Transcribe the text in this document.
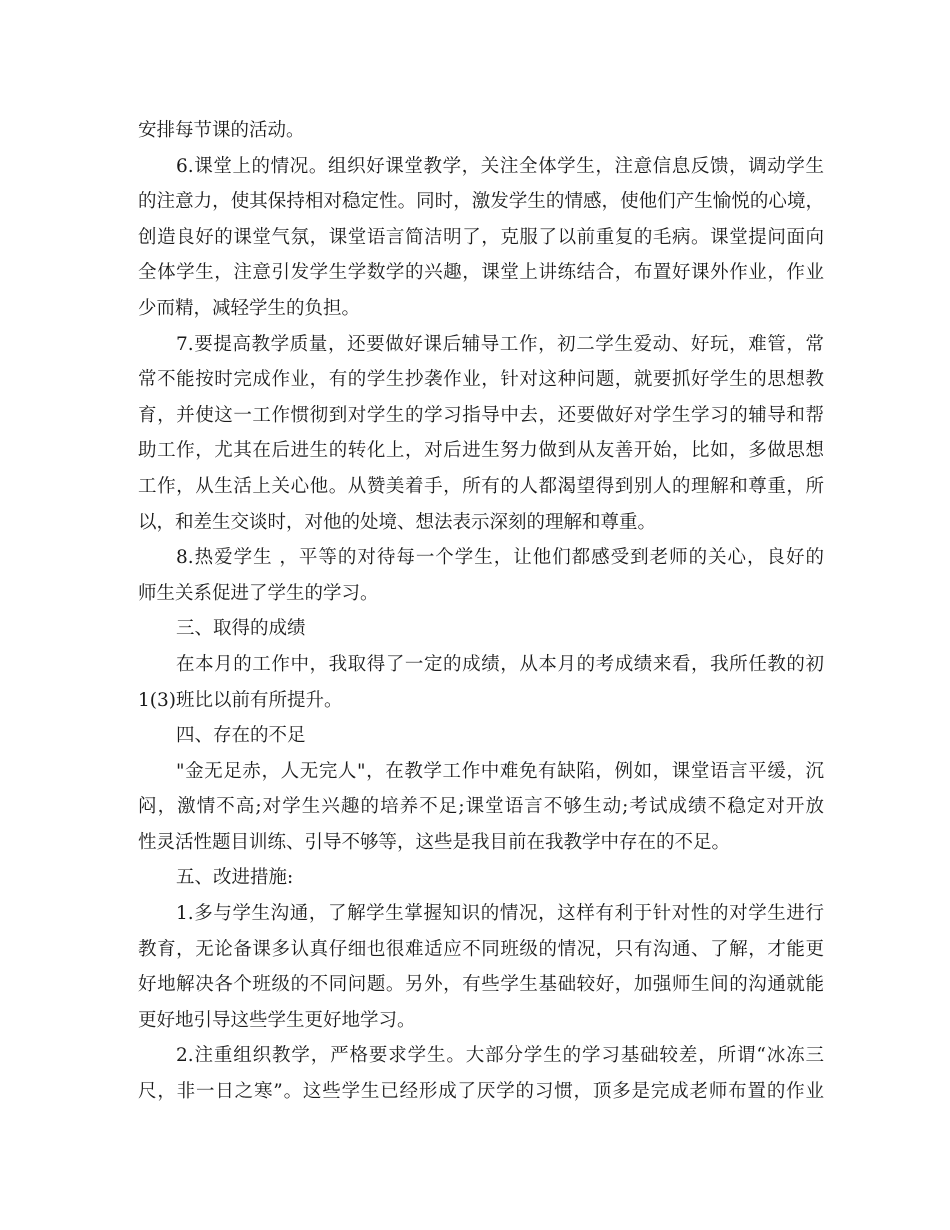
安排每节课的活动。
6.课堂上的情况。组织好课堂教学，关注全体学生，注意信息反馈，调动学生
的注意力，使其保持相对稳定性。同时，激发学生的情感，使他们产生愉悦的心境，
创造良好的课堂气氛，课堂语言简洁明了，克服了以前重复的毛病。课堂提问面向
全体学生，注意引发学生学数学的兴趣，课堂上讲练结合，布置好课外作业，作业
少而精，减轻学生的负担。
7.要提高教学质量，还要做好课后辅导工作，初二学生爱动、好玩，难管，常
常不能按时完成作业，有的学生抄袭作业，针对这种问题，就要抓好学生的思想教
育，并使这一工作惯彻到对学生的学习指导中去，还要做好对学生学习的辅导和帮
助工作，尤其在后进生的转化上，对后进生努力做到从友善开始，比如，多做思想
工作，从生活上关心他。从赞美着手，所有的人都渴望得到别人的理解和尊重，所
以，和差生交谈时，对他的处境、想法表示深刻的理解和尊重。
8.热爱学生 ，平等的对待每一个学生，让他们都感受到老师的关心，良好的
师生关系促进了学生的学习。
三、取得的成绩
在本月的工作中，我取得了一定的成绩，从本月的考成绩来看，我所任教的初
1(3)班比以前有所提升。
四、存在的不足
"金无足赤，人无完人"，在教学工作中难免有缺陷，例如，课堂语言平缓，沉
闷，激情不高;对学生兴趣的培养不足;课堂语言不够生动;考试成绩不稳定对开放
性灵活性题目训练、引导不够等，这些是我目前在我教学中存在的不足。
五、改进措施:
1.多与学生沟通，了解学生掌握知识的情况，这样有利于针对性的对学生进行
教育，无论备课多认真仔细也很难适应不同班级的情况，只有沟通、了解，才能更
好地解决各个班级的不同问题。另外，有些学生基础较好，加强师生间的沟通就能
更好地引导这些学生更好地学习。
2.注重组织教学，严格要求学生。大部分学生的学习基础较差，所谓“冰冻三
尺，非一日之寒”。这些学生已经形成了厌学的习惯，顶多是完成老师布置的作业
